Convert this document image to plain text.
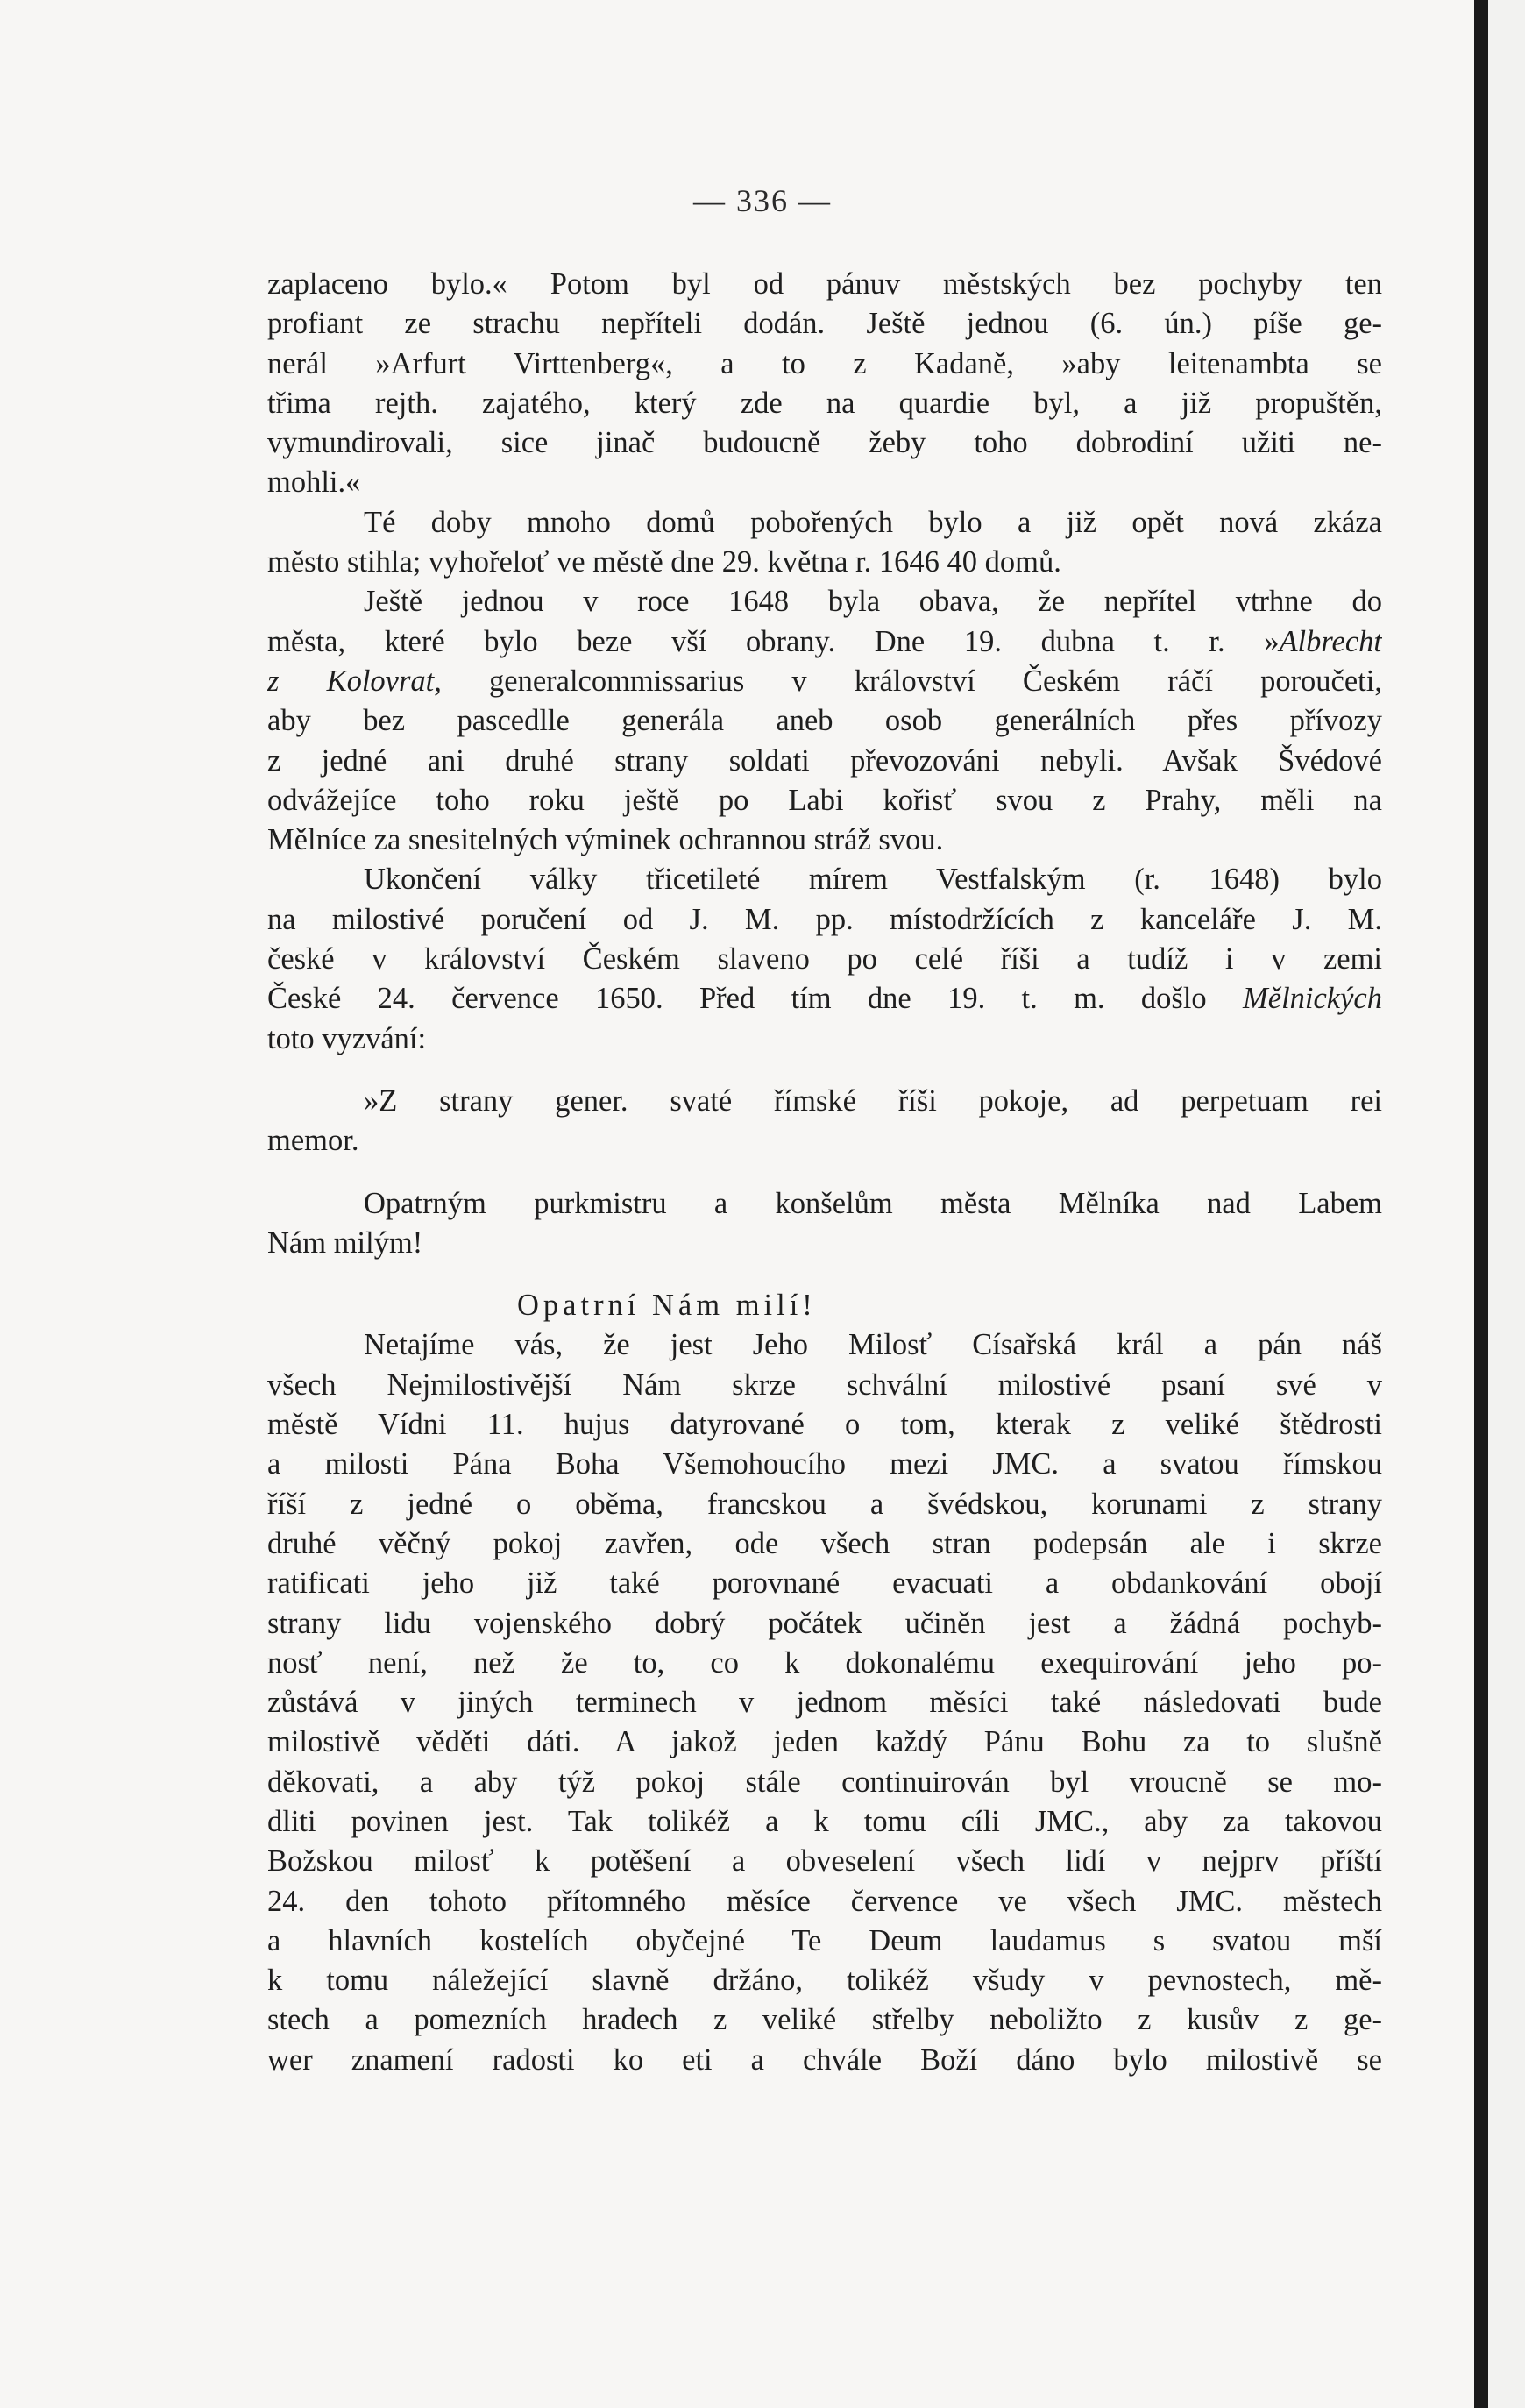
— 336 —
zaplaceno bylo.« Potom byl od pánuv městských bez pochyby ten
profiant ze strachu nepříteli dodán. Ještě jednou (6. ún.) píše ge-
nerál »Arfurt Virttenberg«, a to z Kadaně, »aby leitenambta se
třima rejth. zajatého, který zde na quardie byl, a již propuštěn,
vymundirovali, sice jinač budoucně žeby toho dobrodiní užiti ne-
mohli.«
Té doby mnoho domů pobořených bylo a již opět nová zkáza
město stihla; vyhořeloť ve městě dne 29. května r. 1646 40 domů.
Ještě jednou v roce 1648 byla obava, že nepřítel vtrhne do
města, které bylo beze vší obrany. Dne 19. dubna t. r. »Albrecht
z Kolovrat, generalcommissarius v království Českém ráčí poroučeti,
aby bez pascedlle generála aneb osob generálních přes přívozy
z jedné ani druhé strany soldati převozováni nebyli. Avšak Švédové
odvážejíce toho roku ještě po Labi kořisť svou z Prahy, měli na
Mělníce za snesitelných výminek ochrannou stráž svou.
Ukončení války třicetileté mírem Vestfalským (r. 1648) bylo
na milostivé poručení od J. M. pp. místodržících z kanceláře J. M.
české v království Českém slaveno po celé říši a tudíž i v zemi
České 24. července 1650. Před tím dne 19. t. m. došlo Mělnických
toto vyzvání:
»Z strany gener. svaté římské říši pokoje, ad perpetuam rei
memor.
Opatrným purkmistru a konšelům města Mělníka nad Labem
Nám milým!
Opatrní Nám milí!
Netajíme vás, že jest Jeho Milosť Císařská král a pán náš
všech Nejmilostivější Nám skrze schvální milostivé psaní své v
městě Vídni 11. hujus datyrované o tom, kterak z veliké štědrosti
a milosti Pána Boha Všemohoucího mezi JMC. a svatou římskou
říší z jedné o oběma, francskou a švédskou, korunami z strany
druhé věčný pokoj zavřen, ode všech stran podepsán ale i skrze
ratificati jeho již také porovnané evacuati a obdankování obojí
strany lidu vojenského dobrý počátek učiněn jest a žádná pochyb-
nosť není, než že to, co k dokonalému exequirování jeho po-
zůstává v jiných terminech v jednom měsíci také následovati bude
milostivě věděti dáti. A jakož jeden každý Pánu Bohu za to slušně
děkovati, a aby týž pokoj stále continuirován byl vroucně se mo-
dliti povinen jest. Tak tolikéž a k tomu cíli JMC., aby za takovou
Božskou milosť k potěšení a obveselení všech lidí v nejprv příští
24. den tohoto přítomného měsíce července ve všech JMC. městech
a hlavních kostelích obyčejné Te Deum laudamus s svatou mší
k tomu náležející slavně držáno, tolikéž všudy v pevnostech, mě-
stech a pomezních hradech z veliké střelby neboližto z kusův z ge-
wer znamení radosti ko eti a chvále Boží dáno bylo milostivě se
